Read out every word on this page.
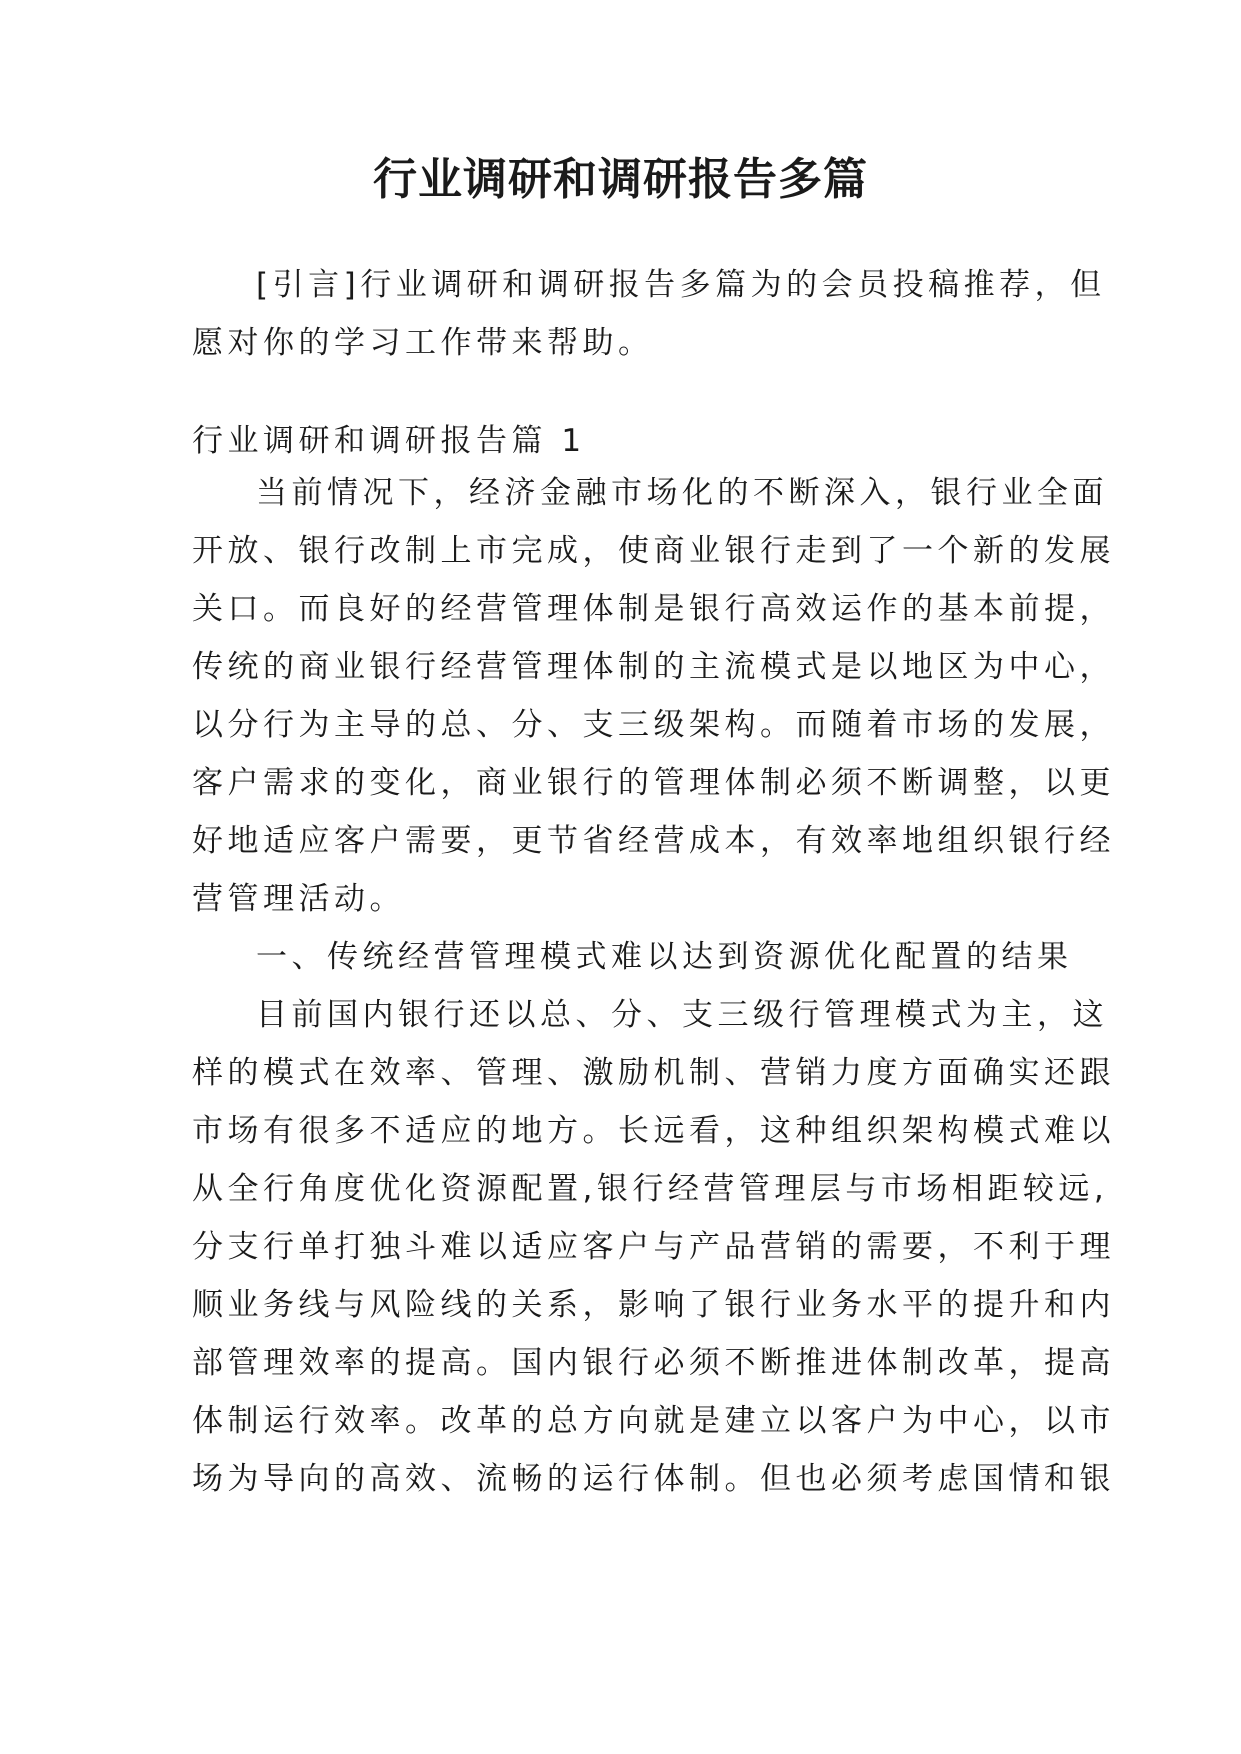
行业调研和调研报告多篇
[引言]行业调研和调研报告多篇为的会员投稿推荐，但
愿对你的学习工作带来帮助。
行业调研和调研报告篇 1
当前情况下，经济金融市场化的不断深入，银行业全面
开放、银行改制上市完成，使商业银行走到了一个新的发展
关口。而良好的经营管理体制是银行高效运作的基本前提，
传统的商业银行经营管理体制的主流模式是以地区为中心，
以分行为主导的总、分、支三级架构。而随着市场的发展，
客户需求的变化，商业银行的管理体制必须不断调整，以更
好地适应客户需要，更节省经营成本，有效率地组织银行经
营管理活动。
一、传统经营管理模式难以达到资源优化配置的结果
目前国内银行还以总、分、支三级行管理模式为主，这
样的模式在效率、管理、激励机制、营销力度方面确实还跟
市场有很多不适应的地方。长远看，这种组织架构模式难以
从全行角度优化资源配置,银行经营管理层与市场相距较远,
分支行单打独斗难以适应客户与产品营销的需要，不利于理
顺业务线与风险线的关系，影响了银行业务水平的提升和内
部管理效率的提高。国内银行必须不断推进体制改革，提高
体制运行效率。改革的总方向就是建立以客户为中心，以市
场为导向的高效、流畅的运行体制。但也必须考虑国情和银
